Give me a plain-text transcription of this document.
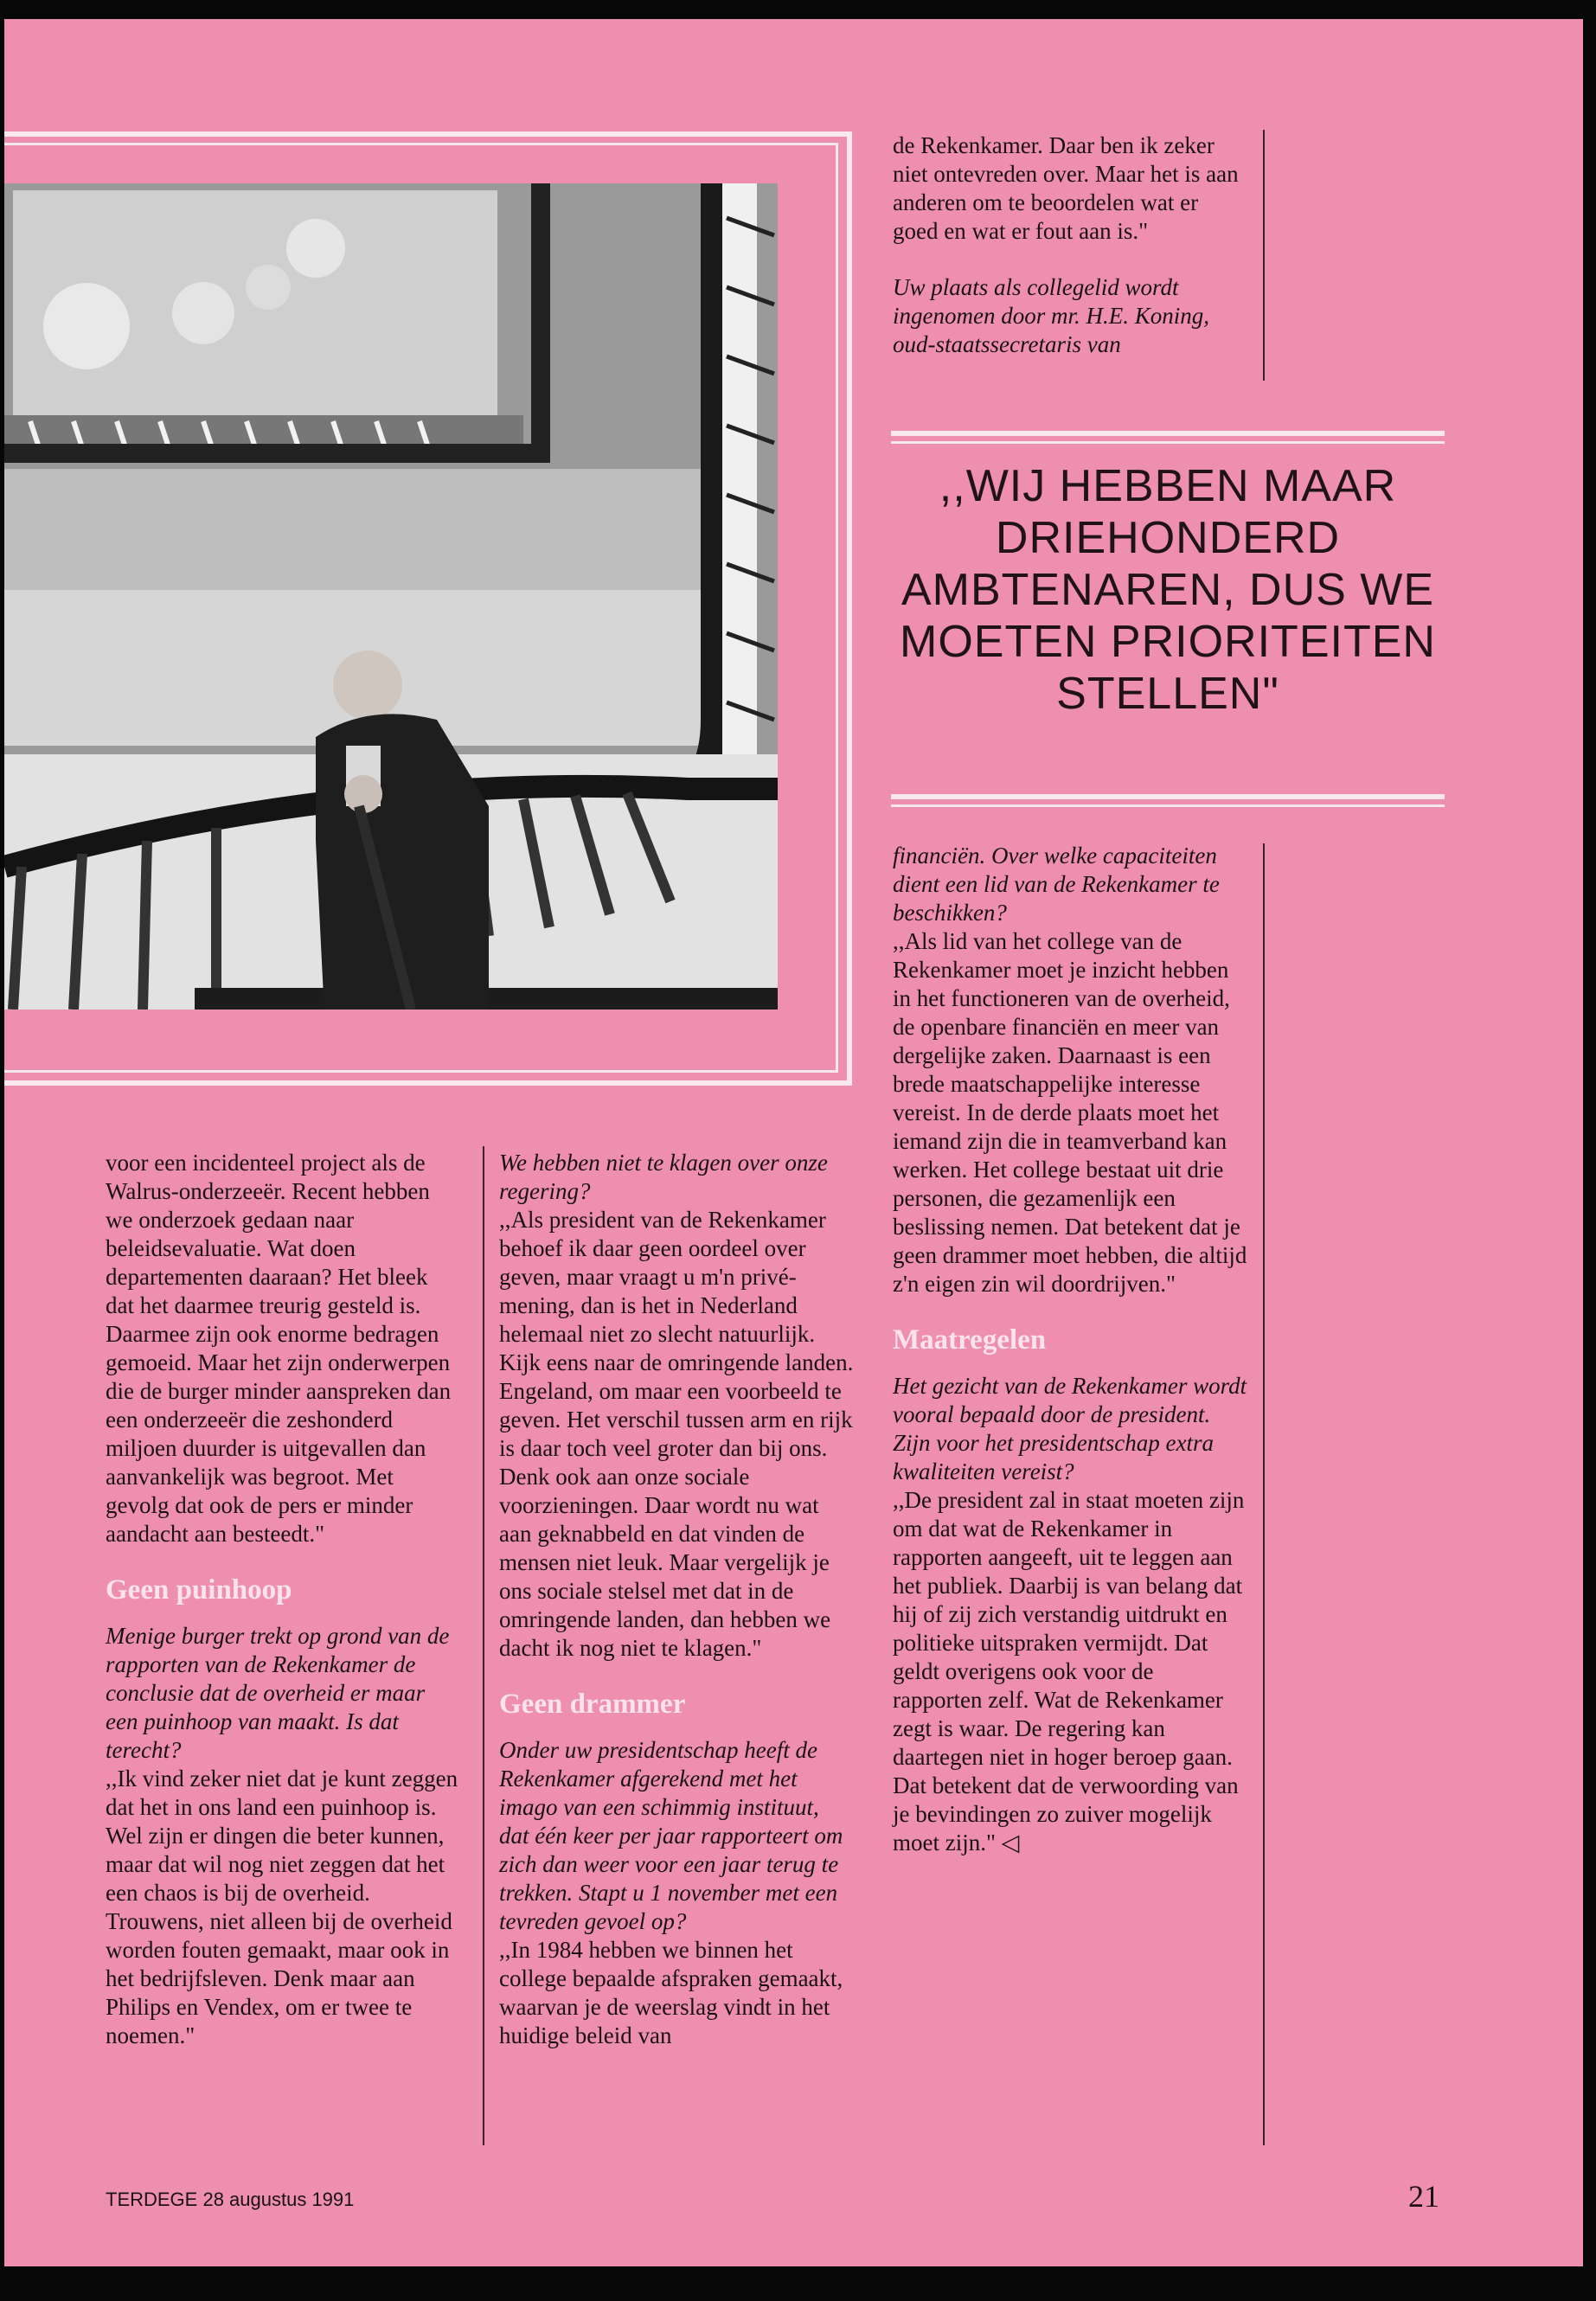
de Rekenkamer. Daar ben ik zeker niet ontevreden over. Maar het is aan anderen om te beoordelen wat er goed en wat er fout aan is."

Uw plaats als collegelid wordt ingenomen door mr. H.E. Koning, oud-staatssecretaris van

,,WIJ HEBBEN MAAR DRIEHONDERD AMBTENAREN, DUS WE MOETEN PRIORITEITEN STELLEN"

financiën. Over welke capaciteiten dient een lid van de Rekenkamer te beschikken?

,,Als lid van het college van de Rekenkamer moet je inzicht hebben in het functioneren van de overheid, de openbare financiën en meer van dergelijke zaken. Daarnaast is een brede maatschappelijke interesse vereist. In de derde plaats moet het iemand zijn die in teamverband kan werken. Het college bestaat uit drie personen, die gezamenlijk een beslissing nemen. Dat betekent dat je geen drammer moet hebben, die altijd z'n eigen zin wil doordrijven."

Maatregelen

Het gezicht van de Rekenkamer wordt vooral bepaald door de president. Zijn voor het presidentschap extra kwaliteiten vereist?

,,De president zal in staat moeten zijn om dat wat de Rekenkamer in rapporten aangeeft, uit te leggen aan het publiek. Daarbij is van belang dat hij of zij zich verstandig uitdrukt en politieke uitspraken vermijdt. Dat geldt overigens ook voor de rapporten zelf. Wat de Rekenkamer zegt is waar. De regering kan daartegen niet in hoger beroep gaan. Dat betekent dat de verwoording van je bevindingen zo zuiver mogelijk moet zijn." ◁

voor een incidenteel project als de Walrus-onderzeeër. Recent hebben we onderzoek gedaan naar beleidsevaluatie. Wat doen departementen daaraan? Het bleek dat het daarmee treurig gesteld is. Daarmee zijn ook enorme bedragen gemoeid. Maar het zijn onderwerpen die de burger minder aanspreken dan een onderzeeër die zeshonderd miljoen duurder is uitgevallen dan aanvankelijk was begroot. Met gevolg dat ook de pers er minder aandacht aan besteedt."

Geen puinhoop

Menige burger trekt op grond van de rapporten van de Rekenkamer de conclusie dat de overheid er maar een puinhoop van maakt. Is dat terecht?

,,Ik vind zeker niet dat je kunt zeggen dat het in ons land een puinhoop is. Wel zijn er dingen die beter kunnen, maar dat wil nog niet zeggen dat het een chaos is bij de overheid. Trouwens, niet alleen bij de overheid worden fouten gemaakt, maar ook in het bedrijfsleven. Denk maar aan Philips en Vendex, om er twee te noemen."

We hebben niet te klagen over onze regering?

,,Als president van de Rekenkamer behoef ik daar geen oordeel over geven, maar vraagt u m'n privé-mening, dan is het in Nederland helemaal niet zo slecht natuurlijk. Kijk eens naar de omringende landen. Engeland, om maar een voorbeeld te geven. Het verschil tussen arm en rijk is daar toch veel groter dan bij ons. Denk ook aan onze sociale voorzieningen. Daar wordt nu wat aan geknabbeld en dat vinden de mensen niet leuk. Maar vergelijk je ons sociale stelsel met dat in de omringende landen, dan hebben we dacht ik nog niet te klagen."

Geen drammer

Onder uw presidentschap heeft de Rekenkamer afgerekend met het imago van een schimmig instituut, dat één keer per jaar rapporteert om zich dan weer voor een jaar terug te trekken. Stapt u 1 november met een tevreden gevoel op?

,,In 1984 hebben we binnen het college bepaalde afspraken gemaakt, waarvan je de weerslag vindt in het huidige beleid van

TERDEGE 28 augustus 1991	21
